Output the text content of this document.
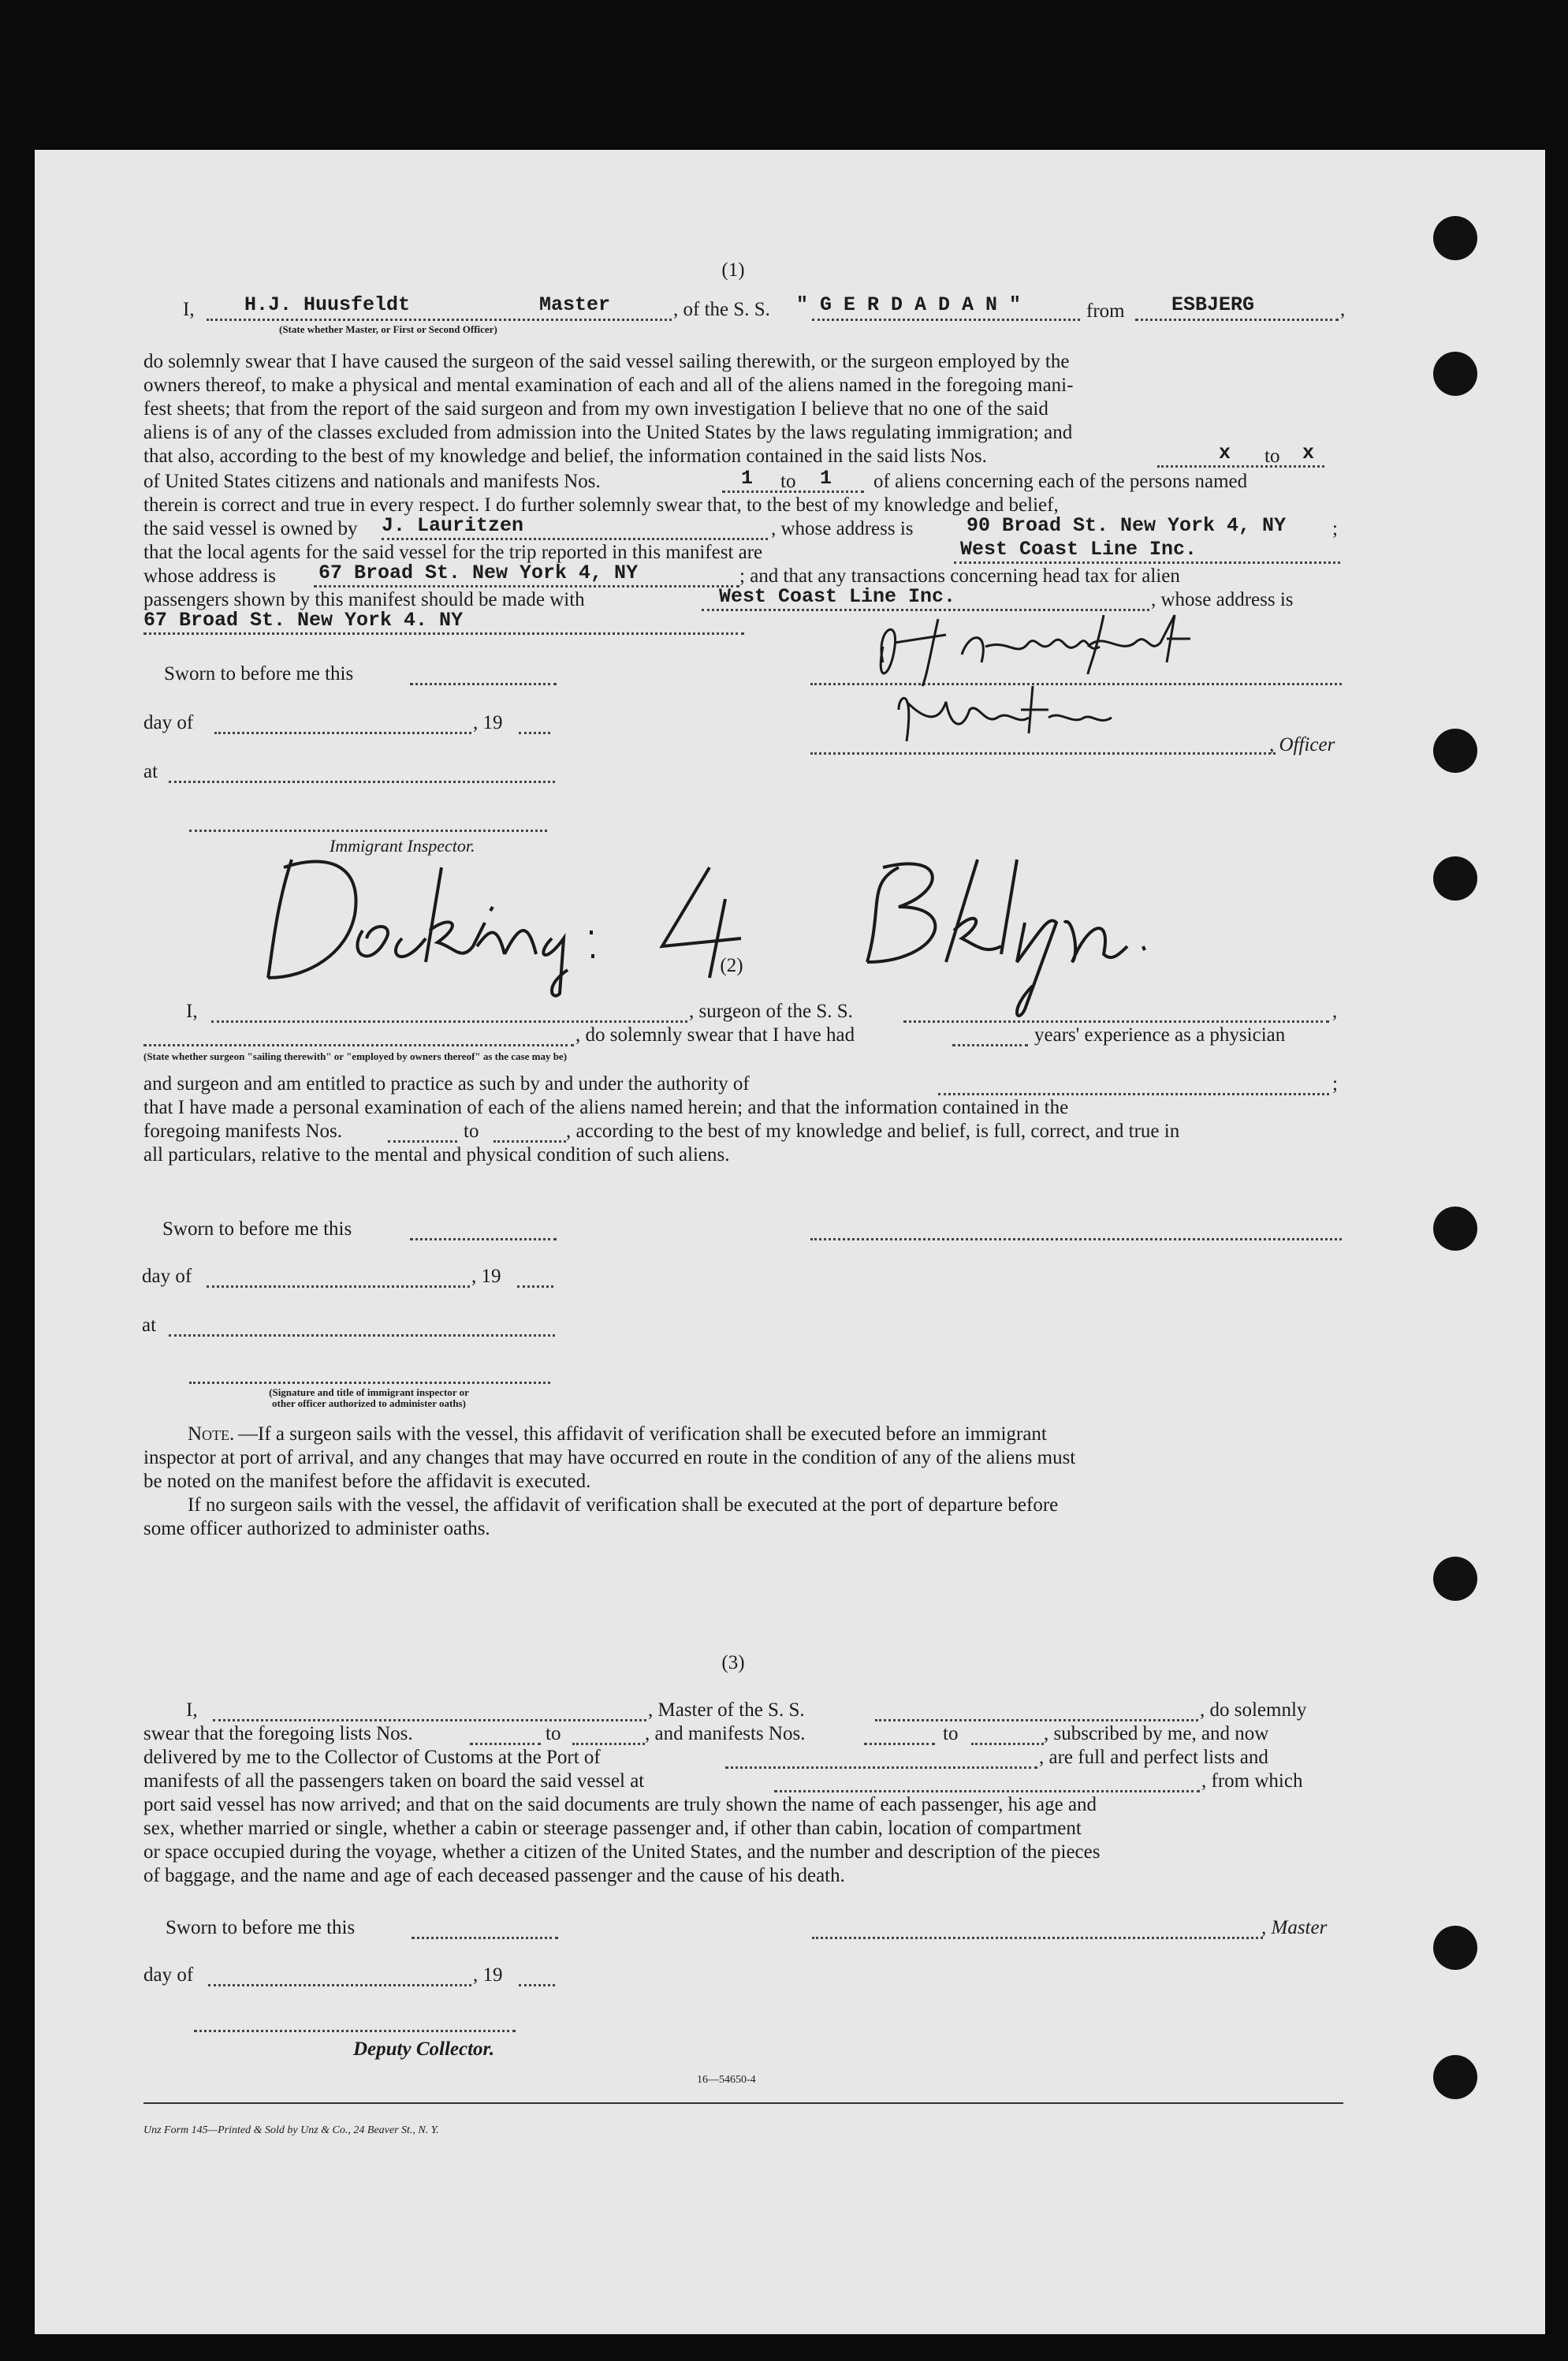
(1)
I,	H.J. Huusfeldt	Master	, of the S. S. " G E R D A D A N "	from ESBJERG	,
(State whether Master, or First or Second Officer)
do solemnly swear that I have caused the surgeon of the said vessel sailing therewith, or the surgeon employed by the
owners thereof, to make a physical and mental examination of each and all of the aliens named in the foregoing mani-
fest sheets; that from the report of the said surgeon and from my own investigation I believe that no one of the said
aliens is of any of the classes excluded from admission into the United States by the laws regulating immigration; and
that also, according to the best of my knowledge and belief, the information contained in the said lists Nos.	x to x
of United States citizens and nationals and manifests Nos.	1 to 1 of aliens concerning each of the persons named
therein is correct and true in every respect. I do further solemnly swear that, to the best of my knowledge and belief,
the said vessel is owned by J. Lauritzen	, whose address is	90 Broad St. New York 4, NY ;
that the local agents for the said vessel for the trip reported in this manifest are	West Coast Line Inc.
whose address is 67 Broad St. New York 4, NY	; and that any transactions concerning head tax for alien
passengers shown by this manifest should be made with	West Coast Line Inc.	, whose address is
67 Broad St. New York 4. NY
Sworn to before me this
day of	, 19
, Officer
at
Immigrant Inspector.
(2)
I,	, surgeon of the S. S.	,
, do solemnly swear that I have had	years' experience as a physician
(State whether surgeon "sailing therewith" or "employed by owners thereof" as the case may be)
and surgeon and am entitled to practice as such by and under the authority of	;
that I have made a personal examination of each of the aliens named herein; and that the information contained in the
foregoing manifests Nos.	to	, according to the best of my knowledge and belief, is full, correct, and true in
all particulars, relative to the mental and physical condition of such aliens.
Sworn to before me this
day of	, 19
at
(Signature and title of immigrant inspector or
other officer authorized to administer oaths)
Note. —If a surgeon sails with the vessel, this affidavit of verification shall be executed before an immigrant
inspector at port of arrival, and any changes that may have occurred en route in the condition of any of the aliens must
be noted on the manifest before the affidavit is executed.
If no surgeon sails with the vessel, the affidavit of verification shall be executed at the port of departure before
some officer authorized to administer oaths.
(3)
I,	, Master of the S. S.	, do solemnly
swear that the foregoing lists Nos.	to	, and manifests Nos.	to	, subscribed by me, and now
delivered by me to the Collector of Customs at the Port of	, are full and perfect lists and
manifests of all the passengers taken on board the said vessel at	, from which
port said vessel has now arrived; and that on the said documents are truly shown the name of each passenger, his age and
sex, whether married or single, whether a cabin or steerage passenger and, if other than cabin, location of compartment
or space occupied during the voyage, whether a citizen of the United States, and the number and description of the pieces
of baggage, and the name and age of each deceased passenger and the cause of his death.
Sworn to before me this	, Master
day of	, 19
Deputy Collector.
16—54650-4
Unz Form 145—Printed & Sold by Unz & Co., 24 Beaver St., N. Y.
